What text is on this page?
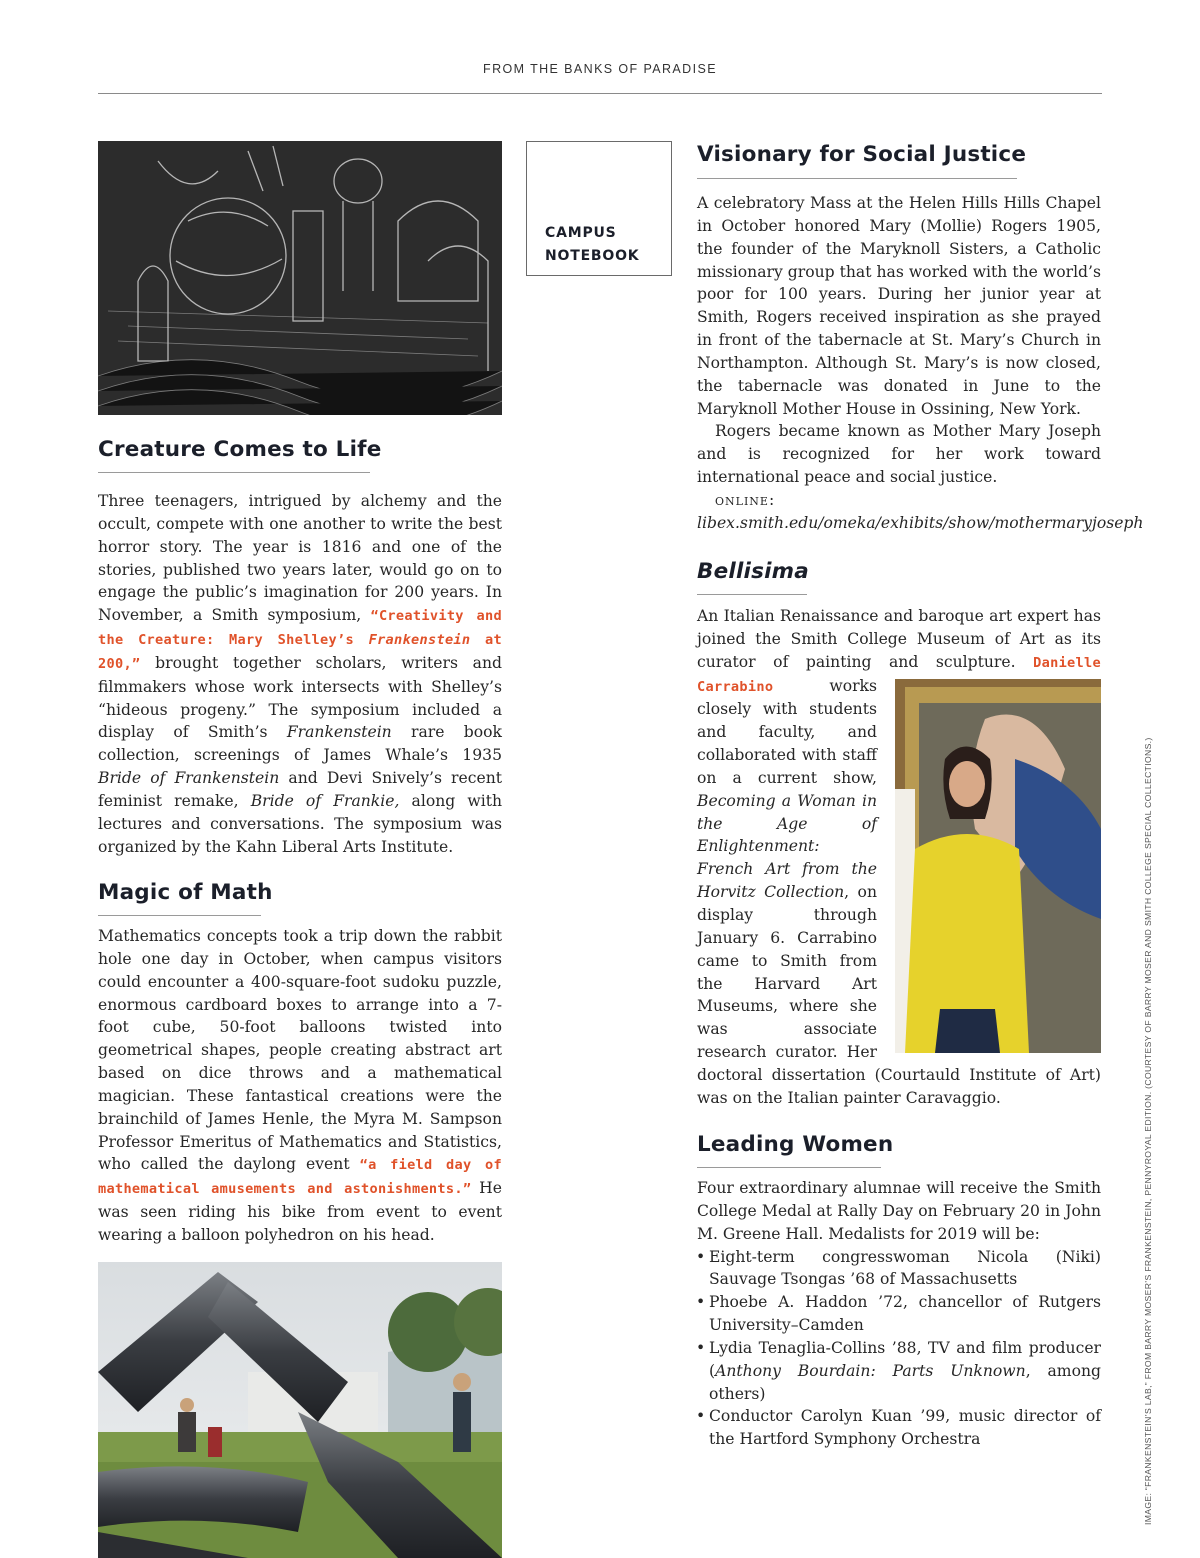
FROM THE BANKS OF PARADISE
CAMPUS
NOTEBOOK
Creature Comes to Life

Three teenagers, intrigued by alchemy and the occult, compete with one another to write the best horror story. The year is 1816 and one of the stories, published two years later, would go on to engage the public’s imagination for 200 years. In November, a Smith symposium, “Creativity and the Creature: Mary Shelley’s Frankenstein at 200,” brought together scholars, writers and filmmakers whose work intersects with Shelley’s “hideous progeny.” The symposium included a display of Smith’s Frankenstein rare book collection, screenings of James Whale’s 1935 Bride of Frankenstein and Devi Snively’s recent feminist remake, Bride of Frankie, along with lectures and conversations. The symposium was organized by the Kahn Liberal Arts Institute.

Magic of Math

Mathematics concepts took a trip down the rabbit hole one day in October, when campus visitors could encounter a 400-square-foot sudoku puzzle, enormous cardboard boxes to arrange into a 7-foot cube, 50-foot balloons twisted into geometrical shapes, people creating abstract art based on dice throws and a mathematical magician. These fantastical creations were the brainchild of James Henle, the Myra M. Sampson Professor Emeritus of Mathematics and Statistics, who called the daylong event “a field day of mathematical amusements and astonishments.” He was seen riding his bike from event to event wearing a balloon polyhedron on his head.

Visionary for Social Justice

A celebratory Mass at the Helen Hills Hills Chapel in October honored Mary (Mollie) Rogers 1905, the founder of the Maryknoll Sisters, a Catholic missionary group that has worked with the world’s poor for 100 years. During her junior year at Smith, Rogers received inspiration as she prayed in front of the tabernacle at St. Mary’s Church in Northampton. Although St. Mary’s is now closed, the tabernacle was donated in June to the Maryknoll Mother House in Ossining, New York.

Rogers became known as Mother Mary Joseph and is recognized for her work toward international peace and social justice.

online: libex.smith.edu/omeka/exhibits/show/mothermaryjoseph

Bellisima

An Italian Renaissance and baroque art expert has joined the Smith College Museum of Art as its curator of painting and sculpture.
Danielle Carrabino works closely with students and faculty, and collaborated with staff on a current show, Becoming a Woman in the Age of Enlightenment: French Art from the Horvitz Collection, on display through January 6. Carrabino came to Smith from the Harvard Art Museums, where she was associate research curator. Her doctoral dissertation (Courtauld Institute of Art) was on the Italian painter Caravaggio.

Leading Women

Four extraordinary alumnae will receive the Smith College Medal at Rally Day on February 20 in John M. Greene Hall. Medalists for 2019 will be:

• Eight-term congresswoman Nicola (Niki) Sauvage Tsongas ’68 of Massachusetts
• Phoebe A. Haddon ’72, chancellor of Rutgers University–Camden
• Lydia Tenaglia-Collins ’88, TV and film producer (Anthony Bourdain: Parts Unknown, among others)
• Conductor Carolyn Kuan ’99, music director of the Hartford Symphony Orchestra	IMAGE: “FRANKENSTEIN’S LAB,” FROM BARRY MOSER’S FRANKENSTEIN, PENNYROYAL EDITION. (COURTESY OF BARRY MOSER AND SMITH COLLEGE SPECIAL COLLECTIONS.)
